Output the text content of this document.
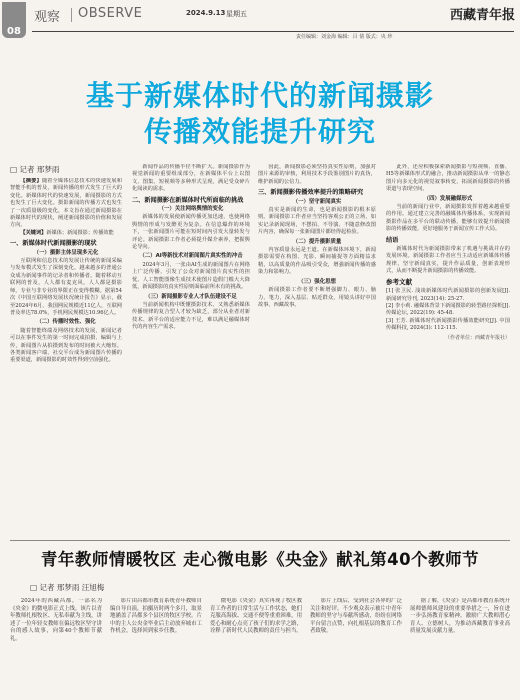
08
观察 OBSERVE	2024.9.13 星期五	西藏青年报
责任编辑：刘金海 编辑：吕 倩 版式：央 珍
基于新媒体时代的新闻摄影
传播效能提升研究
□ 记者 邢梦雨

【摘要】随着全媒体信息技术的快速发展和智能手机的普及，新闻传播的形式发生了巨大的变化。新媒体时代的快速发展，新闻摄影的方式也发生了巨大变化。摄影新闻的传播方式也发生了一次质量级的变化，本文旨在通过新闻摄影在新媒体时代的现状，阐述新闻摄影的价值和发展方向。

【关键词】新媒体；新闻摄影；传播效能

一、新媒体时代新闻摄影的现状
（一）摄影主体呈现多元化

互联网和信息技术的发展让传统的新闻采编与发布模式发生了深刻变化，越来越多的普通公众成为新闻事件的记录者和传播者。随着移动互联网的普及，人人都有麦克风，人人都是摄影师，专业与非专业的界限正在变得模糊。据第54次《中国互联网络发展状况统计报告》显示，截至2024年6月，我国网民规模近11亿人，互联网普及率达78.0%，手机网民规模达10.96亿人。

（二）传播时效性、强化

随着智能终端及网络技术的发展，新闻记者可以在事件发生的第一时间完成拍摄、编辑与上传，新闻图片从拍摄到发布的时间被大大缩短。各类新闻客户端、社交平台成为新闻图片传播的重要渠道，新闻摄影的时效性得到空前强化。

新闻作品的传播半径不断扩大。新闻摄影作为视觉新闻的重要组成部分，在新媒体平台上以图文、图集、短视频等多种形式呈现，满足受众碎片化阅读的需求。

二、新闻摄影在新媒体时代所面临的挑战
（一）关注网络舆情的变化

新媒体的发展使新闻传播更加迅速，也使网络舆情的形成与发酵更为复杂。在信息爆炸的环境下，一张新闻图片可能在短时间内引发大量转发与评论。新闻摄影工作者必须提升媒介素养，把握舆论导向。

（二）AI等新技术对新闻图片真实性的冲击

2024年3月，一张由AI生成的新闻图片在网络上广泛传播，引发了公众对新闻图片真实性的担忧。人工智能图像生成技术使图片造假门槛大大降低，新闻摄影的真实性原则面临前所未有的挑战。

（三）新闻摄影专业人才队伍建设不足

当前新闻机构中既懂摄影技术、又熟悉新媒体传播规律的复合型人才较为缺乏，部分从业者对新技术、新平台的适应能力不足，难以满足融媒体时代的内容生产需求。

因此，新闻摄影必须坚持真实性原则，加强对图片来源的审核，利用技术手段鉴别图片的真伪，维护新闻的公信力。

三、新闻摄影传播效率提升的策略研究
（一）坚守新闻真实

真实是新闻的生命，也是新闻摄影的根本原则。新闻摄影工作者应当坚持客观公正的立场，如实记录新闻现场，不摆拍、不导演、不随意修改图片内容，确保每一张新闻图片都经得起检验。

（二）提升摄影质量

内容质量永远是王道。在新媒体环境下，新闻摄影需要在构图、光影、瞬间捕捉等方面精益求精，以高质量的作品吸引受众，增强新闻传播的感染力和影响力。

（三）强化思想

新闻摄影工作者要不断增强脚力、眼力、脑力、笔力，深入基层、贴近群众，用镜头讲好中国故事、西藏故事。

此外，还应积极探索新闻摄影与短视频、直播、H5等新媒体形式的融合，推动新闻摄影从单一的静态图片向多元化的视觉叙事转变，拓展新闻摄影的传播渠道与表现空间。

（四）发展融媒形式

当前的新闻行业中，新闻摄影发挥着越来越重要的作用。通过建立完善的融媒体传播体系，实现新闻摄影作品在多平台的联动传播，能够有效提升新闻摄影的传播效能，更好地服务于新闻宣传工作大局。

结语

新媒体时代为新闻摄影带来了机遇与挑战并存的发展环境。新闻摄影工作者应当主动适应新媒体传播规律，坚守新闻真实，提升作品质量，创新表现形式，从而不断提升新闻摄影的传播效能。

参考文献

[1] 张卫民. 浅谈新媒体时代新闻摄影的创新发展[J]. 新闻研究导刊, 2023(14): 25-27.

[2] 李小莉. 融媒体背景下新闻摄影的转型路径探析[J]. 传媒论坛, 2022(19): 45-48.

[3] 王芳. 新媒体时代新闻摄影传播效能研究[J]. 中国传媒科技, 2024(3): 112-115.

（作者单位：西藏青年报社）
青年教师情暖牧区 走心微电影《央金》献礼第40个教师节
□ 记者 邢梦雨 汪旭梅

2024年的西藏昌都，一部名为《央金》的微电影正式上线。该片以青年教师扎根牧区、无私奉献为主线，讲述了一位年轻女教师在偏远牧区坚守讲台的感人故事，向第40个教师节献礼。

影片由昌都市教育系统青年教师自编自导自演，拍摄历时两个多月，取景地涵盖了昌都多个县区的牧区学校。片中的主人公央金毕业后主动放弃城市工作机会，选择回到家乡任教。

微电影《央金》真实再现了牧区教育工作者的日常生活与工作状态，她们克服高海拔、交通不便等重重困难，用爱心和耐心点亮了孩子们的求学之路，诠释了新时代人民教师的责任与担当。

影片上线后，受到社会各界的广泛关注和好评。不少观众表示被片中青年教师的坚守与奉献所感动，纷纷在网络平台留言点赞，向扎根基层的教育工作者致敬。

据了解，《央金》是昌都市教育系统开展师德师风建设的重要举措之一，旨在进一步弘扬教育家精神，激励广大教师潜心育人、立德树人，为推动西藏教育事业高质量发展贡献力量。
